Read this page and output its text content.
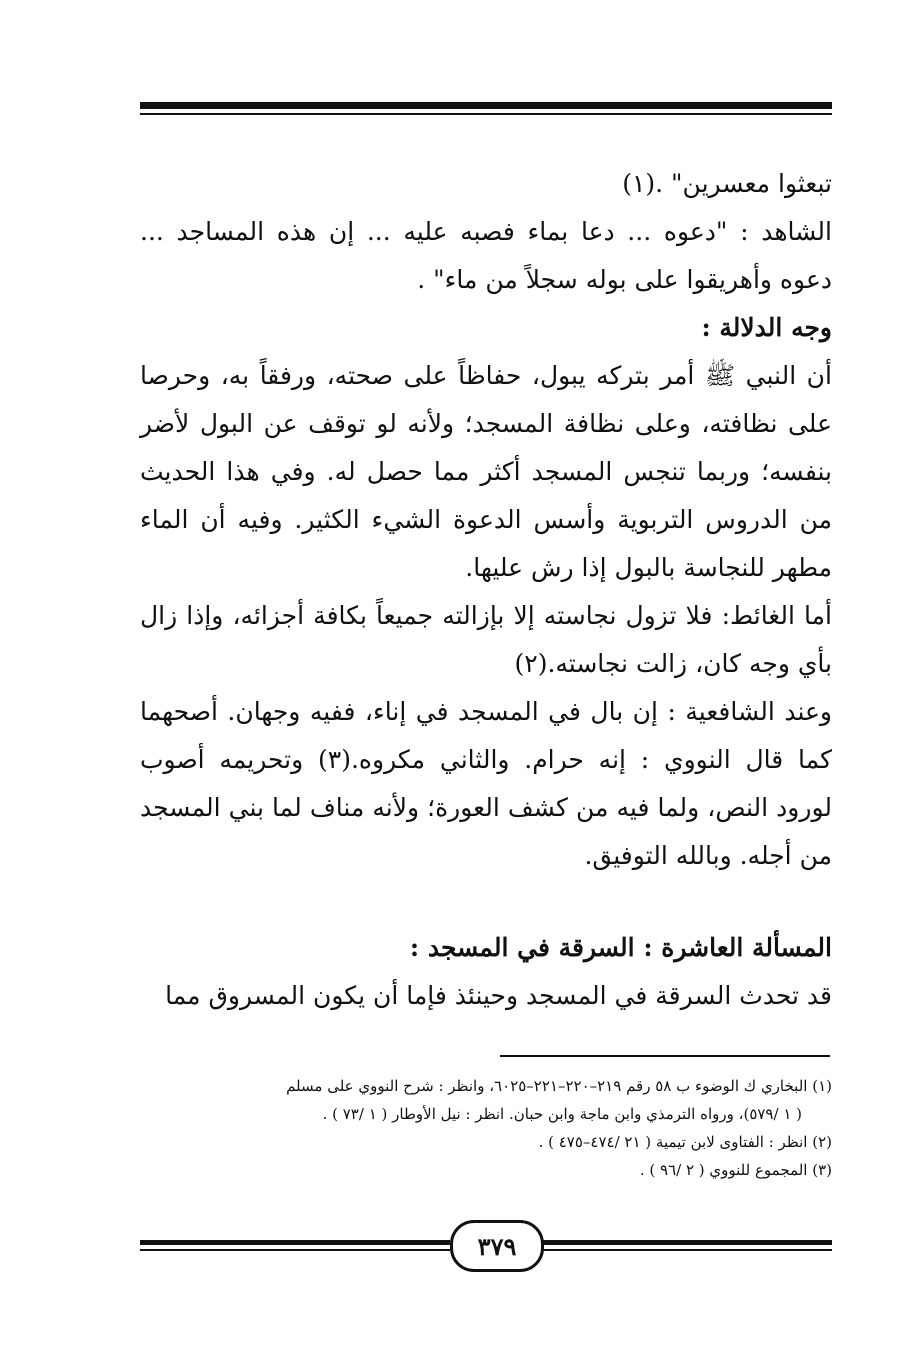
تبعثوا معسرين" .(١)

الشاهد : "دعوه ... دعا بماء فصبه عليه ... إن هذه المساجد ... دعوه وأهريقوا على بوله سجلاً من ماء" .

وجه الدلالة :

أن النبي ﷺ أمر بتركه يبول، حفاظاً على صحته، ورفقاً به، وحرصا على نظافته، وعلى نظافة المسجد؛ ولأنه لو توقف عن البول لأضر بنفسه؛ وربما تنجس المسجد أكثر مما حصل له. وفي هذا الحديث من الدروس التربوية وأسس الدعوة الشيء الكثير. وفيه أن الماء مطهر للنجاسة بالبول إذا رش عليها.

أما الغائط: فلا تزول نجاسته إلا بإزالته جميعاً بكافة أجزائه، وإذا زال بأي وجه كان، زالت نجاسته.(٢)

وعند الشافعية : إن بال في المسجد في إناء، ففيه وجهان. أصحهما كما قال النووي : إنه حرام. والثاني مكروه.(٣) وتحريمه أصوب لورود النص، ولما فيه من كشف العورة؛ ولأنه مناف لما بني المسجد من أجله. وبالله التوفيق.

المسألة العاشرة : السرقة في المسجد :

قد تحدث السرقة في المسجد وحينئذ فإما أن يكون المسروق مما

(١) البخاري ك الوضوء ب ٥٨ رقم ٢١٩–٢٢٠–٢٢١–٦٠٢٥، وانظر : شرح النووي على مسلم

( ١ /٥٧٩)، ورواه الترمذي وابن ماجة وابن حبان. انظر : نيل الأوطار ( ١ /٧٣ ) .

(٢) انظر : الفتاوى لابن تيمية ( ٢١ /٤٧٤–٤٧٥ ) .

(٣) المجموع للنووي ( ٢ /٩٦ ) .

٣٧٩
